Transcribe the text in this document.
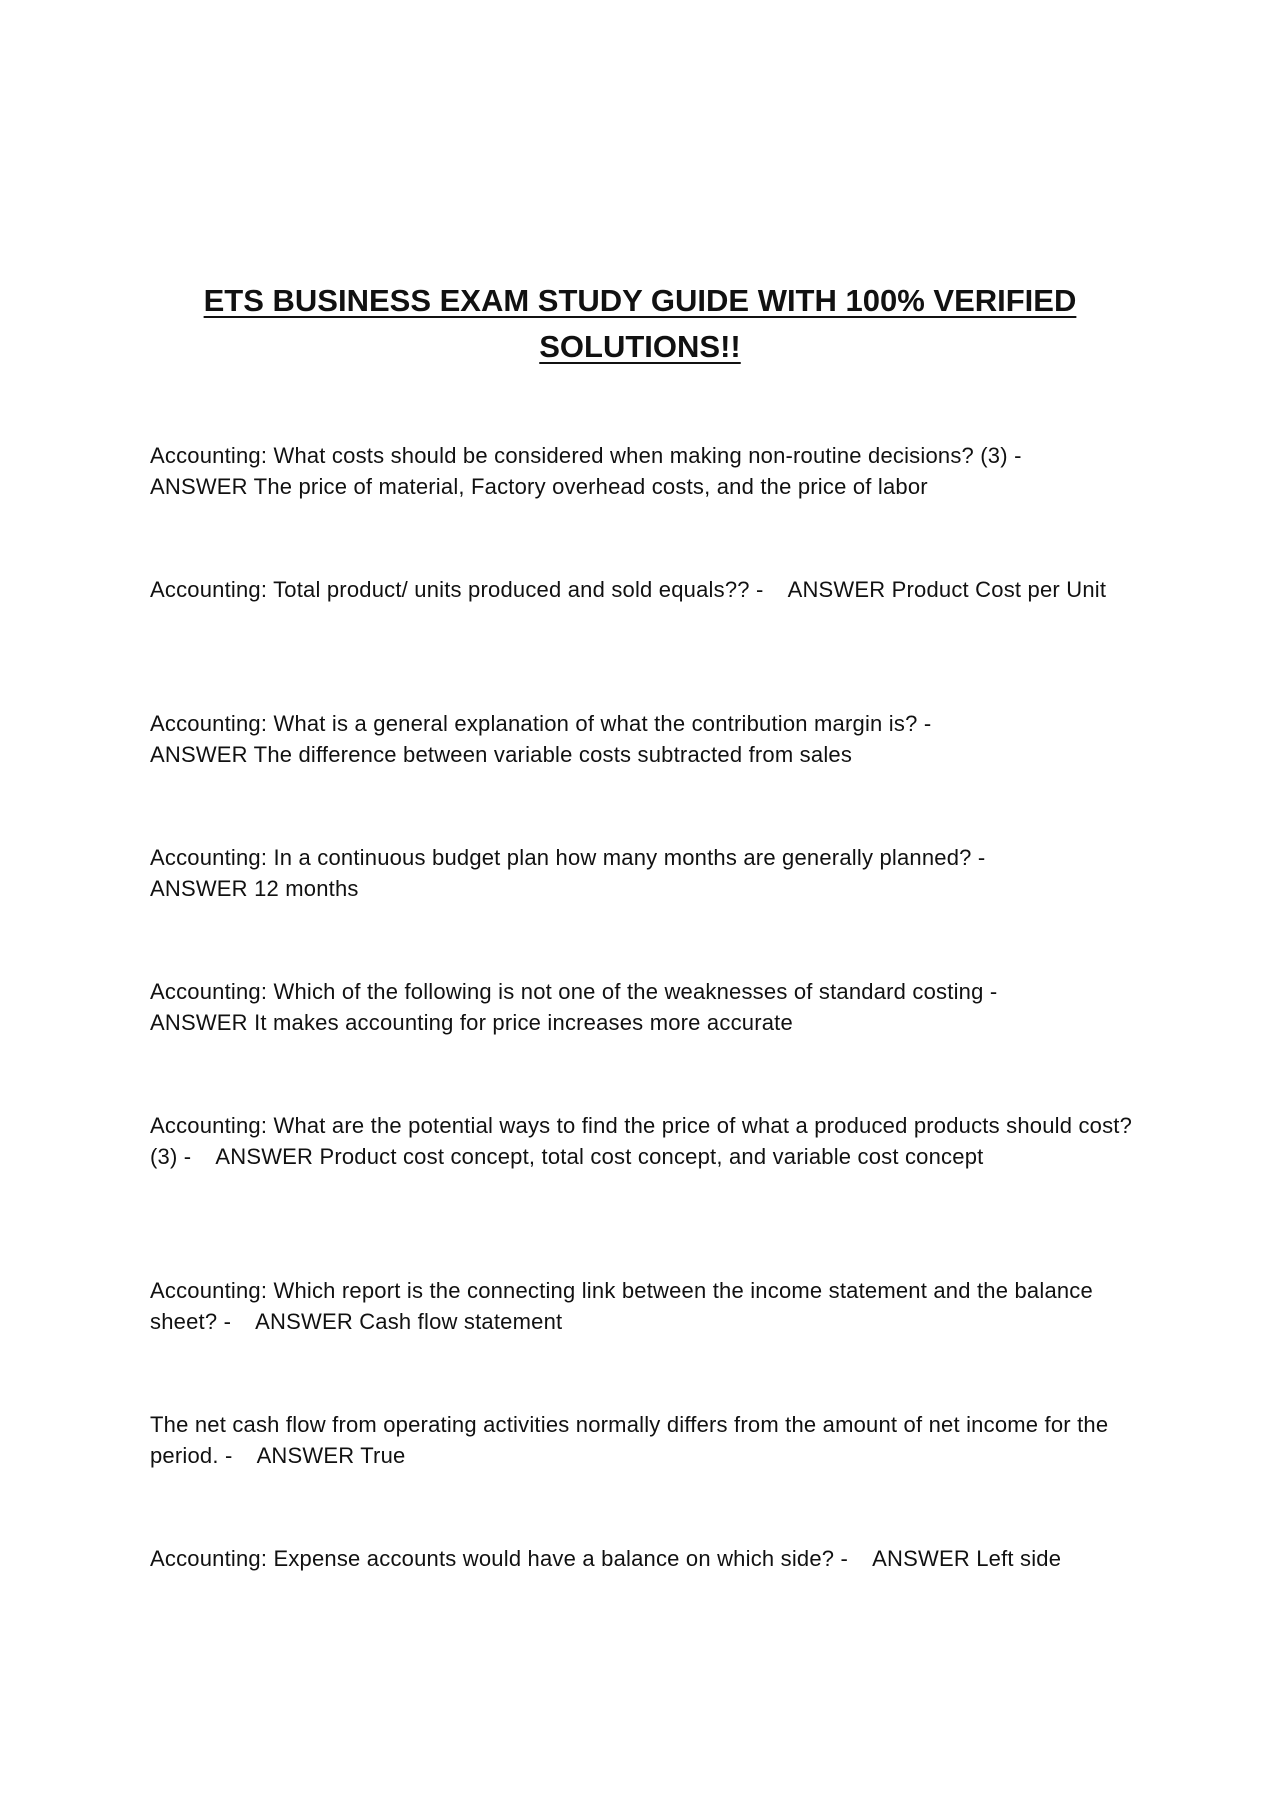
ETS BUSINESS EXAM STUDY GUIDE WITH 100% VERIFIED
SOLUTIONS!!
Accounting: What costs should be considered when making non-routine decisions? (3) -
ANSWER The price of material, Factory overhead costs, and the price of labor
Accounting: Total product/ units produced and sold equals?? - ANSWER Product Cost per Unit
Accounting: What is a general explanation of what the contribution margin is? -
ANSWER The difference between variable costs subtracted from sales
Accounting: In a continuous budget plan how many months are generally planned? -
ANSWER 12 months
Accounting: Which of the following is not one of the weaknesses of standard costing -
ANSWER It makes accounting for price increases more accurate
Accounting: What are the potential ways to find the price of what a produced products should cost? (3) - ANSWER Product cost concept, total cost concept, and variable cost concept
Accounting: Which report is the connecting link between the income statement and the balance sheet? - ANSWER Cash flow statement
The net cash flow from operating activities normally differs from the amount of net income for the period. - ANSWER True
Accounting: Expense accounts would have a balance on which side? - ANSWER Left side
